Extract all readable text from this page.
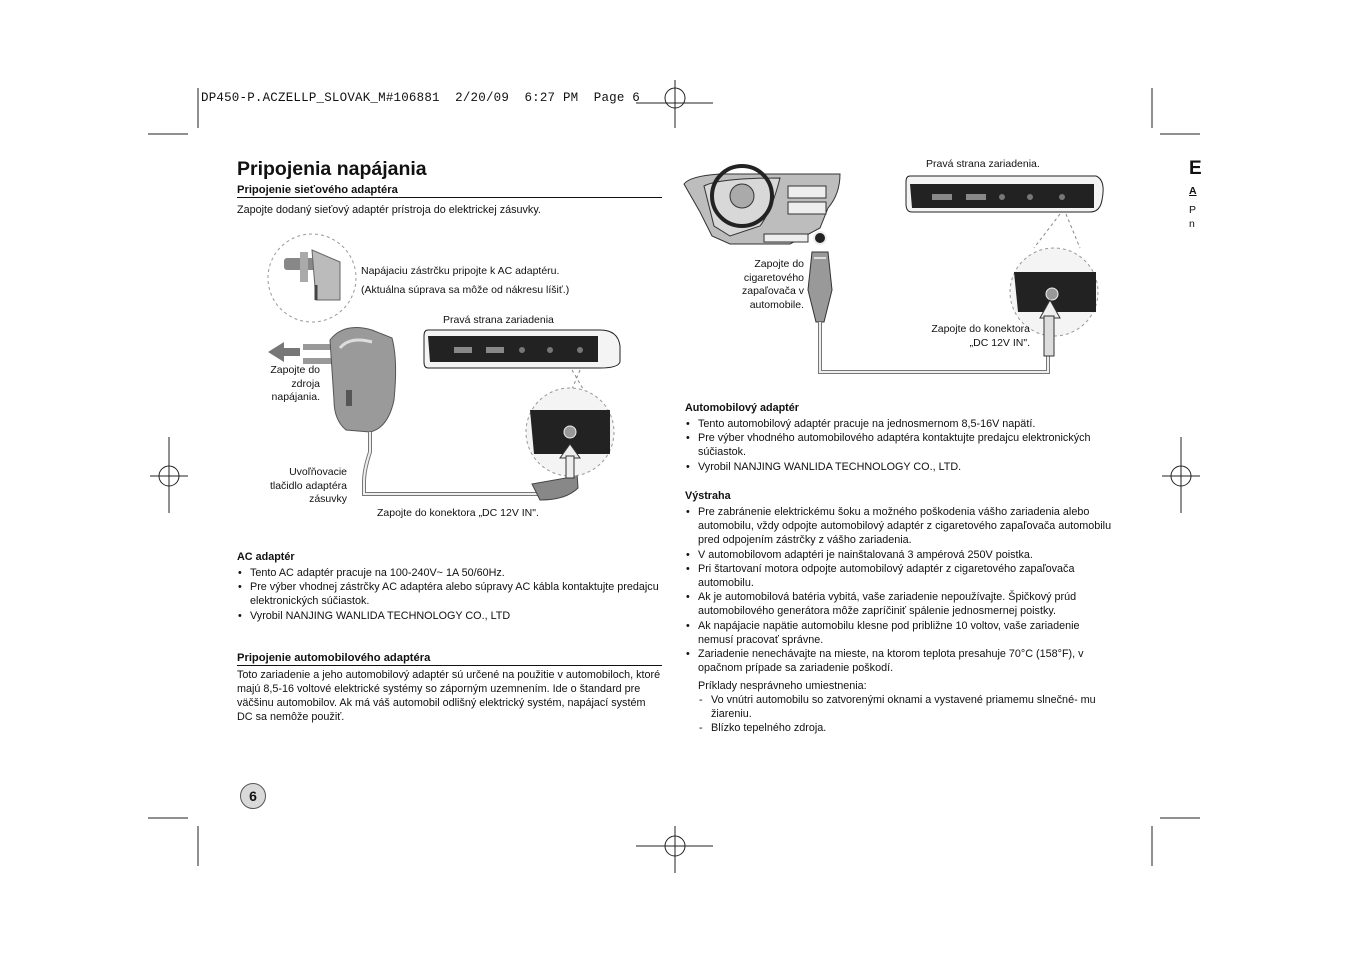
DP450-P.ACZELLP_SLOVAK_M#106881  2/20/09  6:27 PM  Page 6
Pripojenia napájania
Pripojenie sieťového adaptéra
Zapojte dodaný sieťový adaptér prístroja do elektrickej zásuvky.
Napájaciu zástrčku pripojte k AC adaptéru.
(Aktuálna súprava sa môže od nákresu líšiť.)
Pravá strana zariadenia
Zapojte do
zdroja
napájania.
Uvoľňovacie
tlačidlo adaptéra
zásuvky
Zapojte do konektora „DC 12V IN".
AC adaptér
• Tento AC adaptér pracuje na 100-240V~ 1A 50/60Hz.
• Pre výber vhodnej zástrčky AC adaptéra alebo súpravy AC kábla kontaktujte predajcu elektronických súčiastok.
• Vyrobil NANJING WANLIDA TECHNOLOGY CO., LTD
Pripojenie automobilového adaptéra
Toto zariadenie a jeho automobilový adaptér sú určené na použitie v automobiloch, ktoré majú 8,5-16 voltové elektrické systémy so záporným uzemnením. Ide o štandard pre väčšinu automobilov. Ak má váš automobil odlišný elektrický systém, napájací systém DC sa nemôže použiť.
Pravá strana zariadenia.
Zapojte do
cigaretového
zapaľovača v
automobile.
Zapojte do konektora
„DC 12V IN".
Automobilový adaptér
• Tento automobilový adaptér pracuje na jednosmernom 8,5-16V napätí.
• Pre výber vhodného automobilového adaptéra kontaktujte predajcu elektronických súčiastok.
• Vyrobil NANJING WANLIDA TECHNOLOGY CO., LTD.
Výstraha
• Pre zabránenie elektrickému šoku a možného poškodenia vášho zariadenia alebo automobilu, vždy odpojte automobilový adaptér z cigaretového zapaľovača automobilu pred odpojením zástrčky z vášho zariadenia.
• V automobilovom adaptéri je nainštalovaná 3 ampérová 250V poistka.
• Pri štartovaní motora odpojte automobilový adaptér z cigaretového zapaľovača automobilu.
• Ak je automobilová batéria vybitá, vaše zariadenie nepoužívajte. Špičkový prúd automobilového generátora môže zapríčiniť spálenie jednosmernej poistky.
• Ak napájacie napätie automobilu klesne pod približne 10 voltov, vaše zariadenie nemusí pracovať správne.
• Zariadenie nenechávajte na mieste, na ktorom teplota presahuje 70°C (158°F), v opačnom prípade sa zariadenie poškodí.
Príklady nesprávneho umiestnenia:
- Vo vnútri automobilu so zatvorenými oknami a vystavené priamemu slnečné- mu žiareniu.
- Blízko tepelného zdroja.
E
A
P
n
6
